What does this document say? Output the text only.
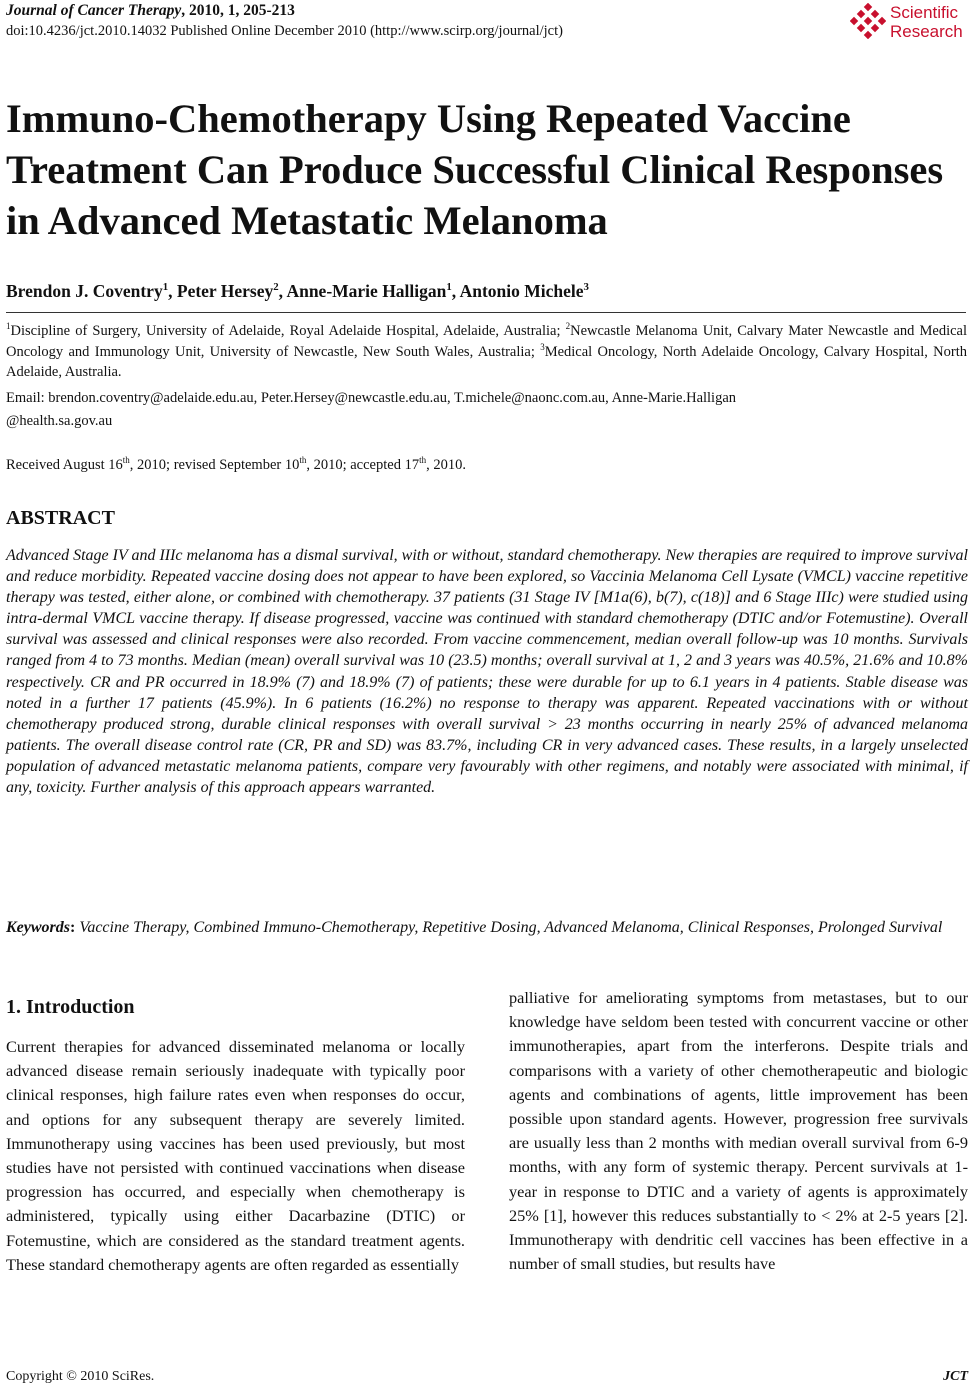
Journal of Cancer Therapy, 2010, 1, 205-213
doi:10.4236/jct.2010.14032 Published Online December 2010 (http://www.scirp.org/journal/jct)
Scientific
Research
Immuno-Chemotherapy Using Repeated Vaccine Treatment Can Produce Successful Clinical Responses in Advanced Metastatic Melanoma
Brendon J. Coventry$^1$, Peter Hersey$^2$, Anne-Marie Halligan$^1$, Antonio Michele$^3$
$^1$Discipline of Surgery, University of Adelaide, Royal Adelaide Hospital, Adelaide, Australia; $^2$Newcastle Melanoma Unit, Calvary Mater Newcastle and Medical Oncology and Immunology Unit, University of Newcastle, New South Wales, Australia; $^3$Medical Oncology, North Adelaide Oncology, Calvary Hospital, North Adelaide, Australia.
Email: brendon.coventry@adelaide.edu.au, Peter.Hersey@newcastle.edu.au, T.michele@naonc.com.au, Anne-Marie.Halligan
@health.sa.gov.au
Received August 16th, 2010; revised September 10th, 2010; accepted 17th, 2010.
ABSTRACT
Advanced Stage IV and IIIc melanoma has a dismal survival, with or without, standard chemotherapy. New therapies are required to improve survival and reduce morbidity. Repeated vaccine dosing does not appear to have been explored, so Vaccinia Melanoma Cell Lysate (VMCL) vaccine repetitive therapy was tested, either alone, or combined with chemotherapy. 37 patients (31 Stage IV [M1a(6), b(7), c(18)] and 6 Stage IIIc) were studied using intra-dermal VMCL vaccine therapy. If disease progressed, vaccine was continued with standard chemotherapy (DTIC and/or Fotemustine). Overall survival was assessed and clinical responses were also recorded. From vaccine commencement, median overall follow-up was 10 months. Survivals ranged from 4 to 73 months. Median (mean) overall survival was 10 (23.5) months; overall survival at 1, 2 and 3 years was 40.5%, 21.6% and 10.8% respectively. CR and PR occurred in 18.9% (7) and 18.9% (7) of patients; these were durable for up to 6.1 years in 4 patients. Stable disease was noted in a further 17 patients (45.9%). In 6 patients (16.2%) no response to therapy was apparent. Repeated vaccinations with or without chemotherapy produced strong, durable clinical responses with overall survival > 23 months occurring in nearly 25% of advanced melanoma patients. The overall disease control rate (CR, PR and SD) was 83.7%, including CR in very advanced cases. These results, in a largely unselected population of advanced metastatic melanoma patients, compare very favourably with other regimens, and notably were associated with minimal, if any, toxicity. Further analysis of this approach appears warranted.
Keywords: Vaccine Therapy, Combined Immuno-Chemotherapy, Repetitive Dosing, Advanced Melanoma, Clinical Responses, Prolonged Survival
1. Introduction
Current therapies for advanced disseminated melanoma or locally advanced disease remain seriously inadequate with typically poor clinical responses, high failure rates even when responses do occur, and options for any subsequent therapy are severely limited. Immunotherapy using vaccines has been used previously, but most studies have not persisted with continued vaccinations when disease progression has occurred, and especially when chemotherapy is administered, typically using either Dacarbazine (DTIC) or Fotemustine, which are considered as the standard treatment agents. These standard chemotherapy agents are often regarded as essentially
palliative for ameliorating symptoms from metastases, but to our knowledge have seldom been tested with concurrent vaccine or other immunotherapies, apart from the interferons. Despite trials and comparisons with a variety of other chemotherapeutic and biologic agents and combinations of agents, little improvement has been possible upon standard agents. However, progression free survivals are usually less than 2 months with median overall survival from 6-9 months, with any form of systemic therapy. Percent survivals at 1-year in response to DTIC and a variety of agents is approximately 25% [1], however this reduces substantially to < 2% at 2-5 years [2]. Immunotherapy with dendritic cell vaccines has been effective in a number of small studies, but results have
Copyright © 2010 SciRes.	JCT
